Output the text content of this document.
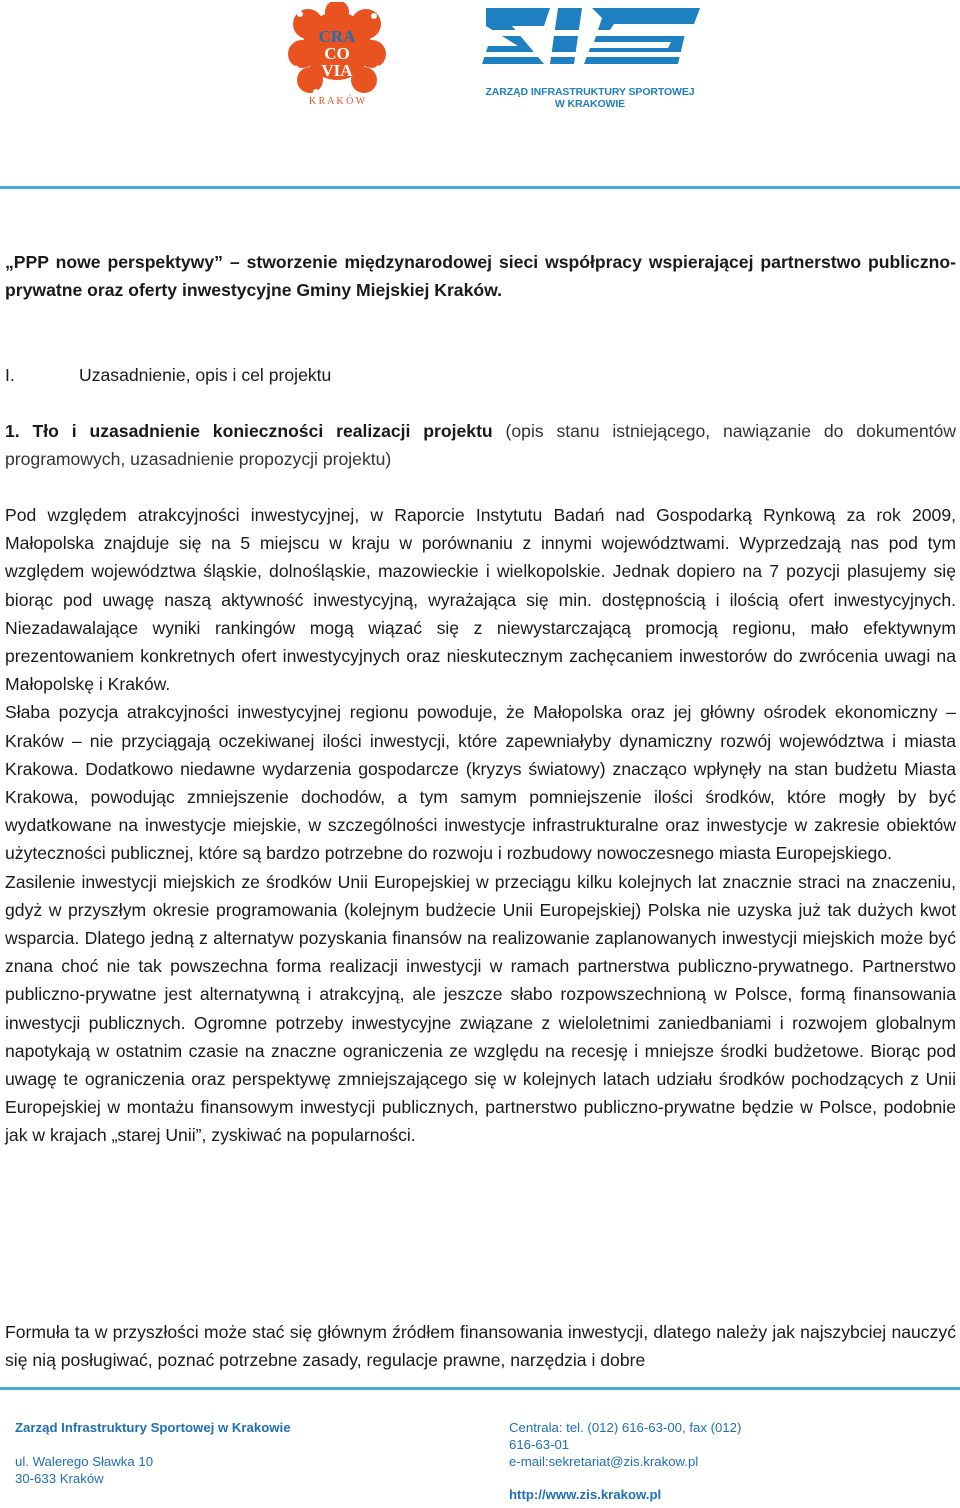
CRA
CO
VIA
K R A K Ó W
ZARZĄD INFRASTRUKTURY SPORTOWEJ
W KRAKOWIE

„PPP nowe perspektywy” – stworzenie międzynarodowej sieci współpracy wspierającej partnerstwo publiczno-prywatne oraz oferty inwestycyjne Gminy Miejskiej Kraków.

I.	Uzasadnienie, opis i cel projektu

1. Tło i uzasadnienie konieczności realizacji projektu (opis stanu istniejącego, nawiązanie do dokumentów programowych, uzasadnienie propozycji projektu)

Pod względem atrakcyjności inwestycyjnej, w Raporcie Instytutu Badań nad Gospodarką Rynkową za rok 2009, Małopolska znajduje się na 5 miejscu w kraju w porównaniu z innymi województwami. Wyprzedzają nas pod tym względem województwa śląskie, dolnośląskie, mazowieckie i wielkopolskie. Jednak dopiero na 7 pozycji plasujemy się biorąc pod uwagę naszą aktywność inwestycyjną, wyrażająca się min. dostępnością i ilością ofert inwestycyjnych. Niezadawalające wyniki rankingów mogą wiązać się z niewystarczającą promocją regionu, mało efektywnym prezentowaniem konkretnych ofert inwestycyjnych oraz nieskutecznym zachęcaniem inwestorów do zwrócenia uwagi na Małopolskę i Kraków.

Słaba pozycja atrakcyjności inwestycyjnej regionu powoduje, że Małopolska oraz jej główny ośrodek ekonomiczny – Kraków – nie przyciągają oczekiwanej ilości inwestycji, które zapewniałyby dynamiczny rozwój województwa i miasta Krakowa. Dodatkowo niedawne wydarzenia gospodarcze (kryzys światowy) znacząco wpłynęły na stan budżetu Miasta Krakowa, powodując zmniejszenie dochodów, a tym samym pomniejszenie ilości środków, które mogły by być wydatkowane na inwestycje miejskie, w szczególności inwestycje infrastrukturalne oraz inwestycje w zakresie obiektów użyteczności publicznej, które są bardzo potrzebne do rozwoju i rozbudowy nowoczesnego miasta Europejskiego.

Zasilenie inwestycji miejskich ze środków Unii Europejskiej w przeciągu kilku kolejnych lat znacznie straci na znaczeniu, gdyż w przyszłym okresie programowania (kolejnym budżecie Unii Europejskiej) Polska nie uzyska już tak dużych kwot wsparcia. Dlatego jedną z alternatyw pozyskania finansów na realizowanie zaplanowanych inwestycji miejskich może być znana choć nie tak powszechna forma realizacji inwestycji w ramach partnerstwa publiczno-prywatnego. Partnerstwo publiczno-prywatne jest alternatywną i atrakcyjną, ale jeszcze słabo rozpowszechnioną w Polsce, formą finansowania inwestycji publicznych. Ogromne potrzeby inwestycyjne związane z wieloletnimi zaniedbaniami i rozwojem globalnym napotykają w ostatnim czasie na znaczne ograniczenia ze względu na recesję i mniejsze środki budżetowe. Biorąc pod uwagę te ograniczenia oraz perspektywę zmniejszającego się w kolejnych latach udziału środków pochodzących z Unii Europejskiej w montażu finansowym inwestycji publicznych, partnerstwo publiczno-prywatne będzie w Polsce, podobnie jak w krajach „starej Unii”, zyskiwać na popularności.

Formuła ta w przyszłości może stać się głównym źródłem finansowania inwestycji, dlatego należy jak najszybciej nauczyć się nią posługiwać, poznać potrzebne zasady, regulacje prawne, narzędzia i dobre

Zarząd Infrastruktury Sportowej w Krakowie
ul. Walerego Sławka 10
30-633 Kraków
Centrala: tel. (012) 616-63-00, fax (012)
616-63-01
e-mail:sekretariat@zis.krakow.pl
http://www.zis.krakow.pl
